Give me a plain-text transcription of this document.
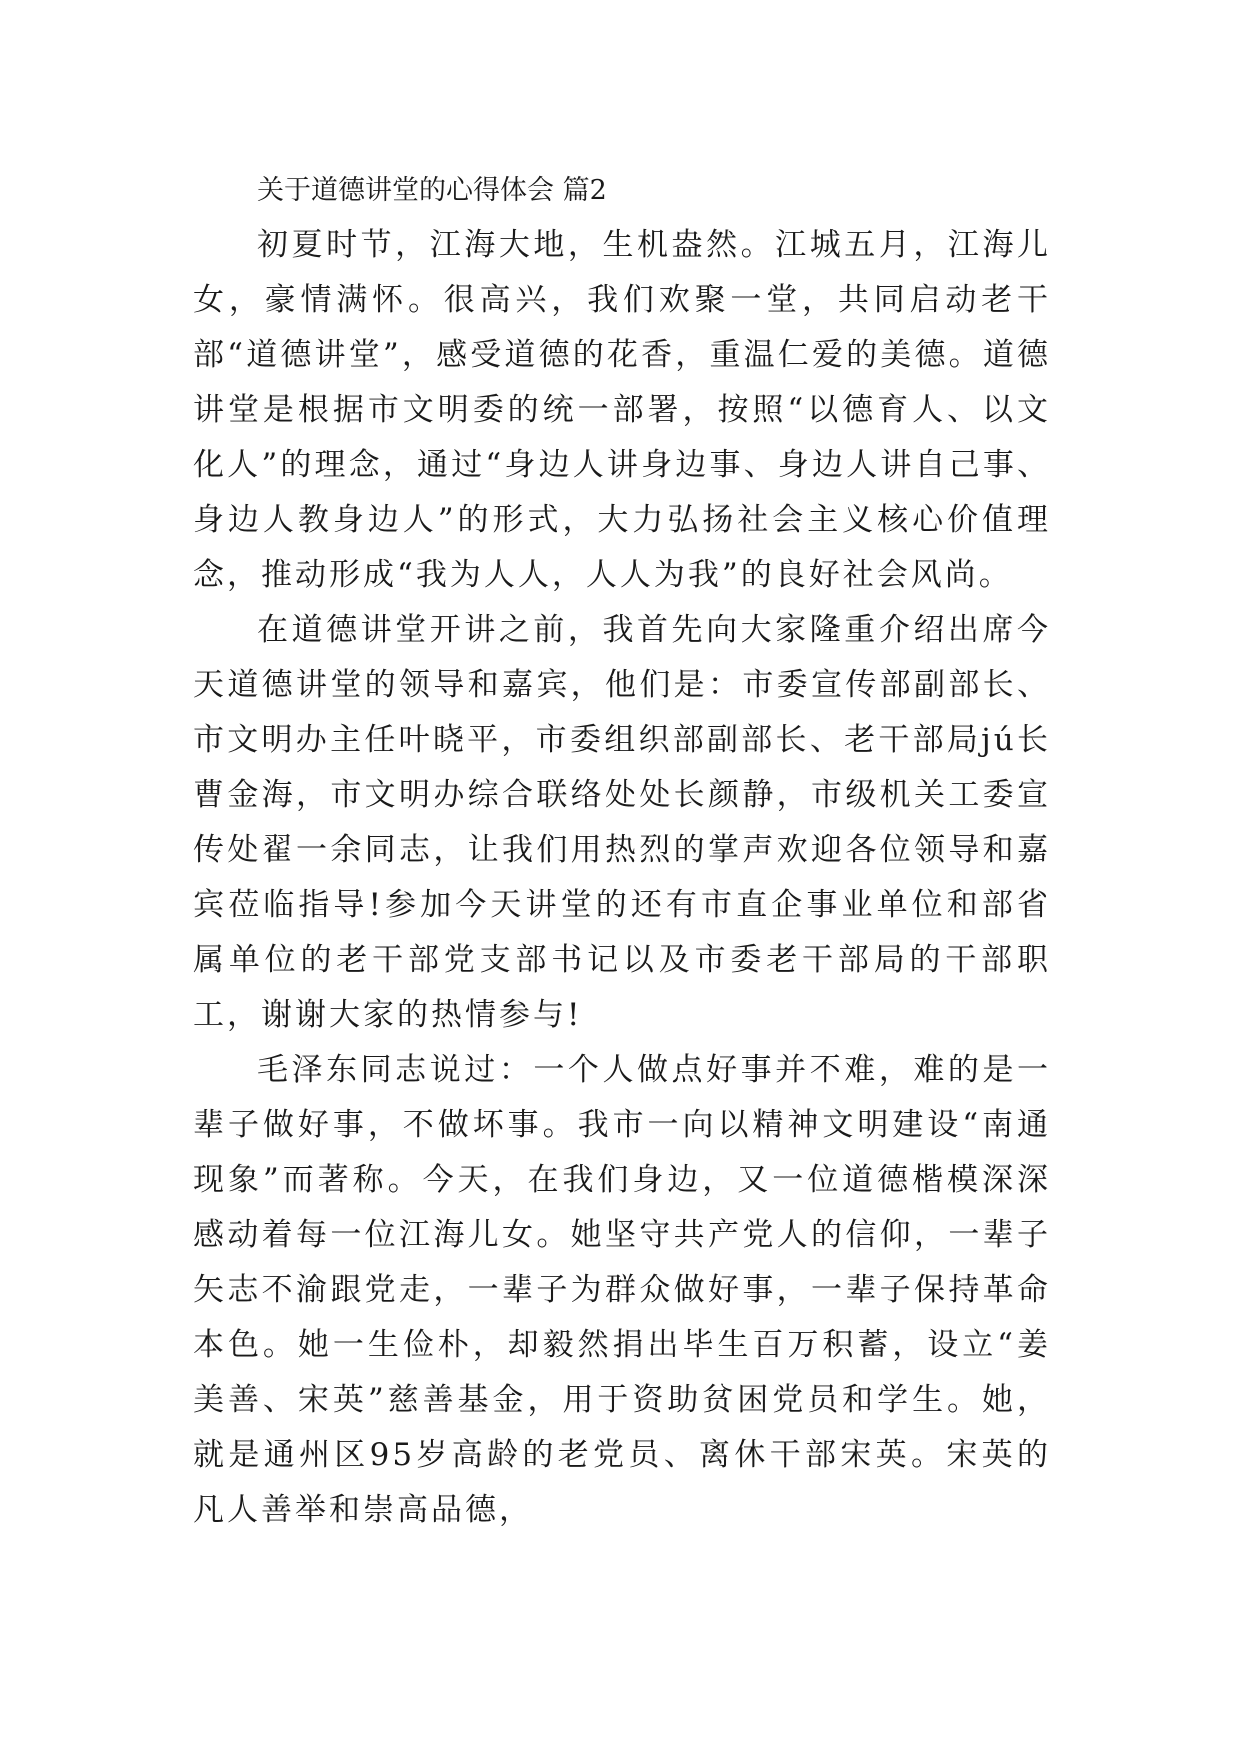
关于道德讲堂的心得体会 篇2

初夏时节，江海大地，生机盎然。江城五月，江海儿女，豪情满怀。很高兴，我们欢聚一堂，共同启动老干部“道德讲堂”，感受道德的花香，重温仁爱的美德。道德讲堂是根据市文明委的统一部署，按照“以德育人、以文化人”的理念，通过“身边人讲身边事、身边人讲自己事、身边人教身边人”的形式，大力弘扬社会主义核心价值理念，推动形成“我为人人，人人为我”的良好社会风尚。

在道德讲堂开讲之前，我首先向大家隆重介绍出席今天道德讲堂的领导和嘉宾，他们是：市委宣传部副部长、市文明办主任叶晓平，市委组织部副部长、老干部局jú长曹金海，市文明办综合联络处处长颜静，市级机关工委宣传处翟一余同志，让我们用热烈的掌声欢迎各位领导和嘉宾莅临指导!参加今天讲堂的还有市直企事业单位和部省属单位的老干部党支部书记以及市委老干部局的干部职工，谢谢大家的热情参与!

毛泽东同志说过：一个人做点好事并不难，难的是一辈子做好事，不做坏事。我市一向以精神文明建设“南通现象”而著称。今天，在我们身边，又一位道德楷模深深感动着每一位江海儿女。她坚守共产党人的信仰，一辈子矢志不渝跟党走，一辈子为群众做好事，一辈子保持革命本色。她一生俭朴，却毅然捐出毕生百万积蓄，设立“姜美善、宋英”慈善基金，用于资助贫困党员和学生。她，就是通州区95岁高龄的老党员、离休干部宋英。宋英的凡人善举和崇高品德，
